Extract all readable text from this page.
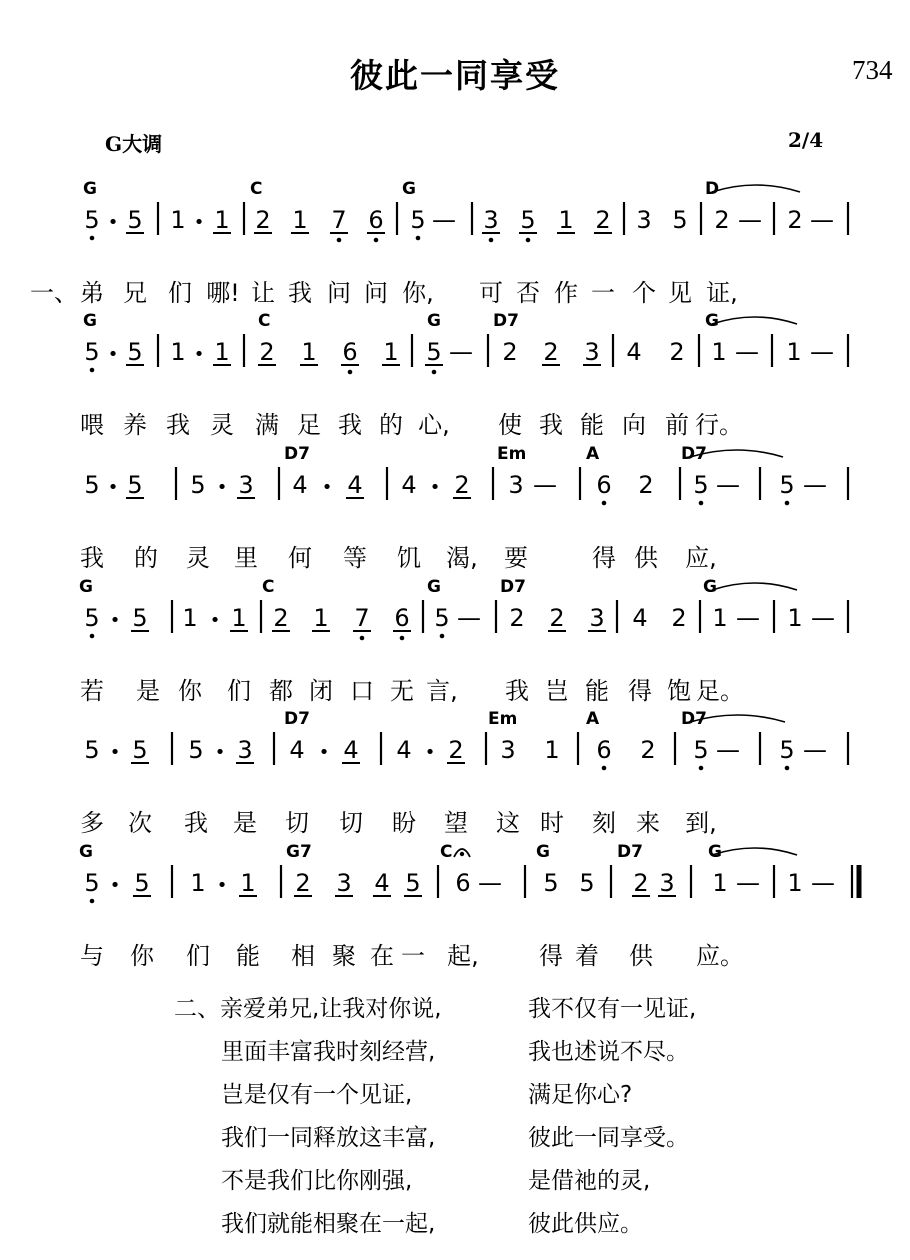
彼此一同享受	734
G大调	2/4
G	C	G	D
5 • 5 1 • 1 2 1 7 6 5 — 3 5 1 2 3 5 2 — 2 —
一、 弟 兄 们 哪! 让 我 问 问 你, 可 否 作 一 个 见 证,
G	C	G	D7	G
5 • 5 1 • 1 2 1 6 1 5 — 2 2 3 4 2 1 — 1 —
喂 养 我 灵 满 足 我 的 心, 使 我 能 向 前 行。
D7	Em	A	D7
5 • 5 5 • 3 4 • 4 4 • 2 3 — 6 2 5 — 5 —
我 的 灵 里 何 等 饥 渴, 要	得 供 应,
G	C	G	D7	G
5 • 5 1 • 1 2 1 7 6 5 — 2 2 3 4 2 1 — 1 —
若 是 你 们 都 闭 口 无 言, 我 岂 能 得 饱 足。
D7	Em	A	D7
5 • 5 5 • 3 4 • 4 4 • 2 3 1 6 2 5 — 5 —
多 次 我 是 切 切 盼 望 这 时 刻 来 到,
G	G7	C	G	D7	G
5 • 5 1 • 1 2 3 4 5 6 — 5 5 2 3 1 — 1 —
与 你 们 能 相 聚 在 一 起,	得 着 供 应。
二、亲爱弟兄,让我对你说,	我不仅有一见证,
里面丰富我时刻经营,	我也述说不尽。
岂是仅有一个见证,	满足你心?
我们一同释放这丰富,	彼此一同享受。
不是我们比你刚强,	是借祂的灵,
我们就能相聚在一起,	彼此供应。
